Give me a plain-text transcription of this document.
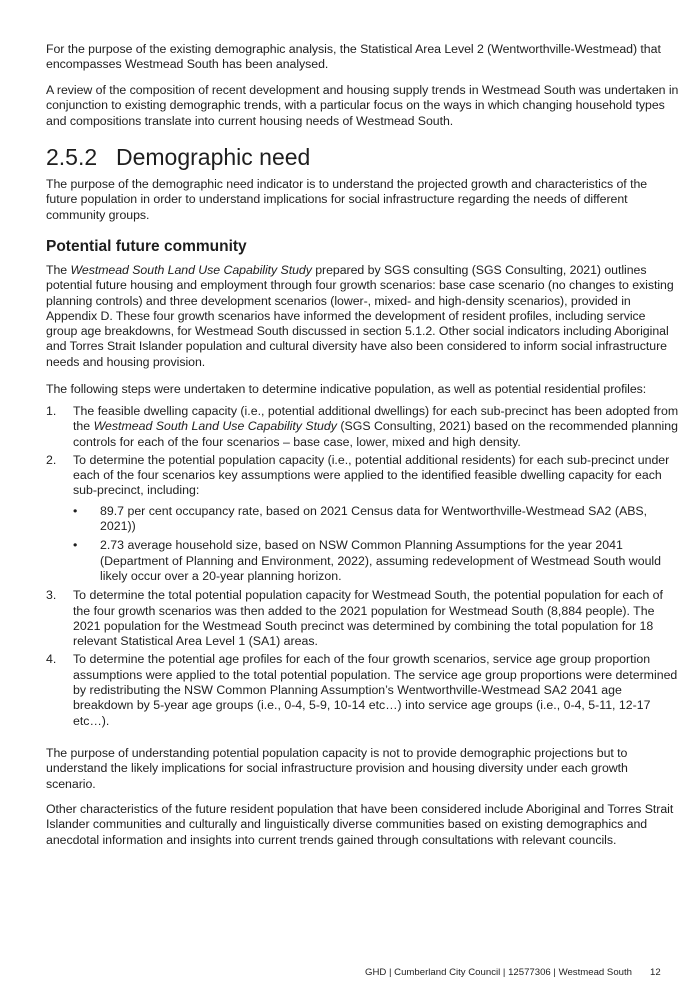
For the purpose of the existing demographic analysis, the Statistical Area Level 2 (Wentworthville-Westmead) that encompasses Westmead South has been analysed.

A review of the composition of recent development and housing supply trends in Westmead South was undertaken in conjunction to existing demographic trends, with a particular focus on the ways in which changing household types and compositions translate into current housing needs of Westmead South.

2.5.2 Demographic need

The purpose of the demographic need indicator is to understand the projected growth and characteristics of the future population in order to understand implications for social infrastructure regarding the needs of different community groups.

Potential future community

The Westmead South Land Use Capability Study prepared by SGS consulting (SGS Consulting, 2021) outlines potential future housing and employment through four growth scenarios: base case scenario (no changes to existing planning controls) and three development scenarios (lower-, mixed- and high-density scenarios), provided in Appendix D. These four growth scenarios have informed the development of resident profiles, including service group age breakdowns, for Westmead South discussed in section 5.1.2. Other social indicators including Aboriginal and Torres Strait Islander population and cultural diversity have also been considered to inform social infrastructure needs and housing provision.

The following steps were undertaken to determine indicative population, as well as potential residential profiles:

1. The feasible dwelling capacity (i.e., potential additional dwellings) for each sub-precinct has been adopted from the Westmead South Land Use Capability Study (SGS Consulting, 2021) based on the recommended planning controls for each of the four scenarios – base case, lower, mixed and high density.
2. To determine the potential population capacity (i.e., potential additional residents) for each sub-precinct under each of the four scenarios key assumptions were applied to the identified feasible dwelling capacity for each sub-precinct, including:
• 89.7 per cent occupancy rate, based on 2021 Census data for Wentworthville-Westmead SA2 (ABS, 2021))
• 2.73 average household size, based on NSW Common Planning Assumptions for the year 2041 (Department of Planning and Environment, 2022), assuming redevelopment of Westmead South would likely occur over a 20-year planning horizon.
3. To determine the total potential population capacity for Westmead South, the potential population for each of the four growth scenarios was then added to the 2021 population for Westmead South (8,884 people). The 2021 population for the Westmead South precinct was determined by combining the total population for 18 relevant Statistical Area Level 1 (SA1) areas.
4. To determine the potential age profiles for each of the four growth scenarios, service age group proportion assumptions were applied to the total potential population. The service age group proportions were determined by redistributing the NSW Common Planning Assumption’s Wentworthville-Westmead SA2 2041 age breakdown by 5-year age groups (i.e., 0-4, 5-9, 10-14 etc…) into service age groups (i.e., 0-4, 5-11, 12-17 etc…).

The purpose of understanding potential population capacity is not to provide demographic projections but to understand the likely implications for social infrastructure provision and housing diversity under each growth scenario.

Other characteristics of the future resident population that have been considered include Aboriginal and Torres Strait Islander communities and culturally and linguistically diverse communities based on existing demographics and anecdotal information and insights into current trends gained through consultations with relevant councils.

GHD | Cumberland City Council | 12577306 | Westmead South 12
